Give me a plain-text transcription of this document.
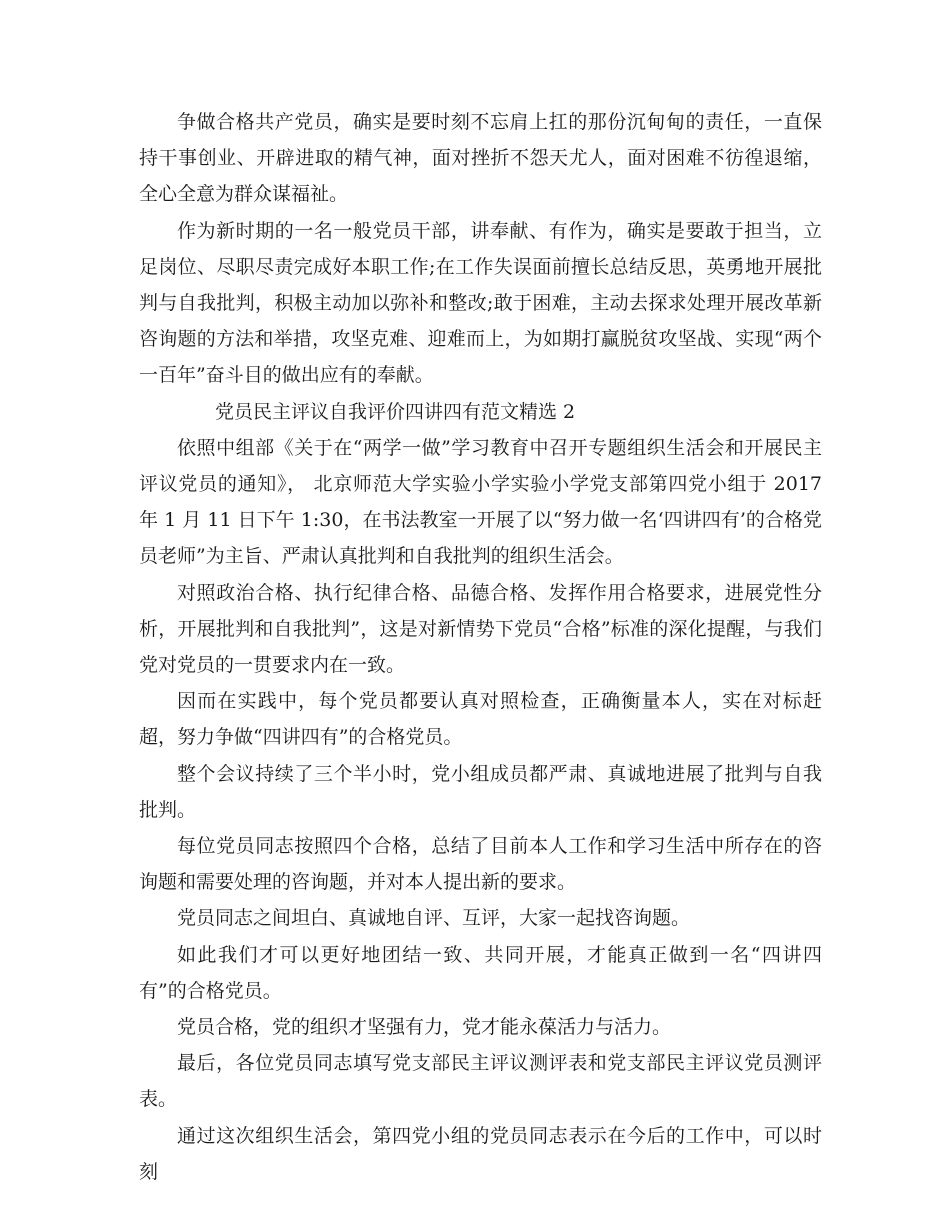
争做合格共产党员，确实是要时刻不忘肩上扛的那份沉甸甸的责任，一直保持干事创业、开辟进取的精气神，面对挫折不怨天尤人，面对困难不彷徨退缩，全心全意为群众谋福祉。

作为新时期的一名一般党员干部，讲奉献、有作为，确实是要敢于担当，立足岗位、尽职尽责完成好本职工作;在工作失误面前擅长总结反思，英勇地开展批判与自我批判，积极主动加以弥补和整改;敢于困难，主动去探求处理开展改革新咨询题的方法和举措，攻坚克难、迎难而上，为如期打赢脱贫攻坚战、实现“两个一百年”奋斗目的做出应有的奉献。

党员民主评议自我评价四讲四有范文精选 2

依照中组部《关于在“两学一做”学习教育中召开专题组织生活会和开展民主评议党员的通知》， 北京师范大学实验小学实验小学党支部第四党小组于 2017 年 1 月 11 日下午 1:30，在书法教室一开展了以“努力做一名‘四讲四有’的合格党员老师”为主旨、严肃认真批判和自我批判的组织生活会。

对照政治合格、执行纪律合格、品德合格、发挥作用合格要求，进展党性分析，开展批判和自我批判”，这是对新情势下党员“合格”标准的深化提醒，与我们党对党员的一贯要求内在一致。

因而在实践中，每个党员都要认真对照检查，正确衡量本人，实在对标赶超，努力争做“四讲四有”的合格党员。

整个会议持续了三个半小时，党小组成员都严肃、真诚地进展了批判与自我批判。

每位党员同志按照四个合格，总结了目前本人工作和学习生活中所存在的咨询题和需要处理的咨询题，并对本人提出新的要求。

党员同志之间坦白、真诚地自评、互评，大家一起找咨询题。

如此我们才可以更好地团结一致、共同开展，才能真正做到一名“四讲四有”的合格党员。

党员合格，党的组织才坚强有力，党才能永葆活力与活力。

最后，各位党员同志填写党支部民主评议测评表和党支部民主评议党员测评表。

通过这次组织生活会，第四党小组的党员同志表示在今后的工作中，可以时刻
